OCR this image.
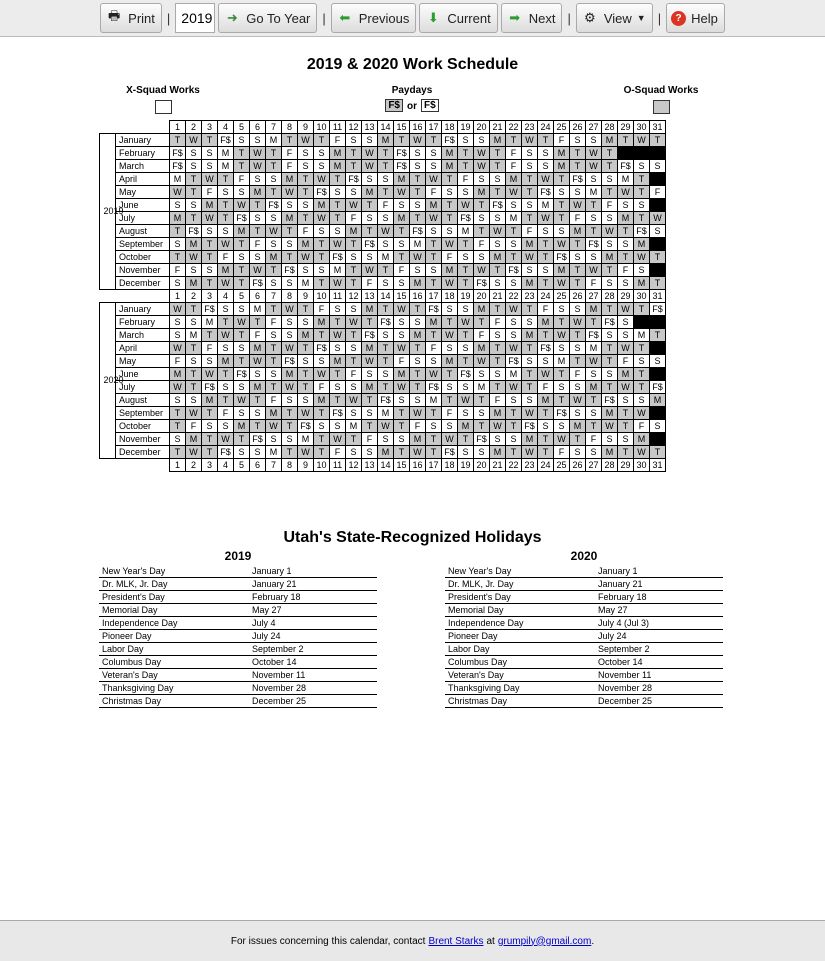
🖶 Print | 2019 ➜ Go To Year | ⬅ Previous ⬇ Current ➡ Next | ⚙ View ▼ |	? Help
2019 & 2020 Work Schedule
X-Squad Works	Paydays
F$ or F$
O-Squad Works
		1	2	3	4	5	6	7	8	9	10	11	12	13	14	15	16	17	18	19	20	21	22	23	24	25	26	27	28	29	30	31
2019	January	T	W	T	F$	S	S	M	T	W	T	F	S	S	M	T	W	T	F$	S	S	M	T	W	T	F	S	S	M	T	W	T
	February	F$	S	S	M	T	W	T	F	S	S	M	T	W	T	F$	S	S	M	T	W	T	F	S	S	M	T	W	T			
	March	F$	S	S	M	T	W	T	F	S	S	M	T	W	T	F$	S	S	M	T	W	T	F	S	S	M	T	W	T	F$	S	S
	April	M	T	W	T	F	S	S	M	T	W	T	F$	S	S	M	T	W	T	F	S	S	M	T	W	T	F$	S	S	M	T	
	May	W	T	F	S	S	M	T	W	T	F$	S	S	M	T	W	T	F	S	S	M	T	W	T	F$	S	S	M	T	W	T	F
	June	S	S	M	T	W	T	F$	S	S	M	T	W	T	F	S	S	M	T	W	T	F$	S	S	M	T	W	T	F	S	S	
	July	M	T	W	T	F$	S	S	M	T	W	T	F	S	S	M	T	W	T	F$	S	S	M	T	W	T	F	S	S	M	T	W
	August	T	F$	S	S	M	T	W	T	F	S	S	M	T	W	T	F$	S	S	M	T	W	T	F	S	S	M	T	W	T	F$	S
	September	S	M	T	W	T	F	S	S	M	T	W	T	F$	S	S	M	T	W	T	F	S	S	M	T	W	T	F$	S	S	M	
	October	T	W	T	F	S	S	M	T	W	T	F$	S	S	M	T	W	T	F	S	S	M	T	W	T	F$	S	S	M	T	W	T
	November	F	S	S	M	T	W	T	F$	S	S	M	T	W	T	F	S	S	M	T	W	T	F$	S	S	M	T	W	T	F	S	
	December	S	M	T	W	T	F$	S	S	M	T	W	T	F	S	S	M	T	W	T	F$	S	S	M	T	W	T	F	S	S	M	T
		1	2	3	4	5	6	7	8	9	10	11	12	13	14	15	16	17	18	19	20	21	22	23	24	25	26	27	28	29	30	31
2020	January	W	T	F$	S	S	M	T	W	T	F	S	S	M	T	W	T	F$	S	S	M	T	W	T	F	S	S	M	T	W	T	F$
	February	S	S	M	T	W	T	F	S	S	M	T	W	T	F$	S	S	M	T	W	T	F	S	S	M	T	W	T	F$	S		
	March	S	M	T	W	T	F	S	S	M	T	W	T	F$	S	S	M	T	W	T	F	S	S	M	T	W	T	F$	S	S	M	T
	April	W	T	F	S	S	M	T	W	T	F$	S	S	M	T	W	T	F	S	S	M	T	W	T	F$	S	S	M	T	W	T	
	May	F	S	S	M	T	W	T	F$	S	S	M	T	W	T	F	S	S	M	T	W	T	F$	S	S	M	T	W	T	F	S	S
	June	M	T	W	T	F$	S	S	M	T	W	T	F	S	S	M	T	W	T	F$	S	S	M	T	W	T	F	S	S	M	T	
	July	W	T	F$	S	S	M	T	W	T	F	S	S	M	T	W	T	F$	S	S	M	T	W	T	F	S	S	M	T	W	T	F$
	August	S	S	M	T	W	T	F	S	S	M	T	W	T	F$	S	S	M	T	W	T	F	S	S	M	T	W	T	F$	S	S	M
	September	T	W	T	F	S	S	M	T	W	T	F$	S	S	M	T	W	T	F	S	S	M	T	W	T	F$	S	S	M	T	W	
	October	T	F	S	S	M	T	W	T	F$	S	S	M	T	W	T	F	S	S	M	T	W	T	F$	S	S	M	T	W	T	F	S
	November	S	M	T	W	T	F$	S	S	M	T	W	T	F	S	S	M	T	W	T	F$	S	S	M	T	W	T	F	S	S	M	
	December	T	W	T	F$	S	S	M	T	W	T	F	S	S	M	T	W	T	F$	S	S	M	T	W	T	F	S	S	M	T	W	T
		1	2	3	4	5	6	7	8	9	10	11	12	13	14	15	16	17	18	19	20	21	22	23	24	25	26	27	28	29	30	31
Utah's State-Recognized Holidays
2019
New Year's Day	January 1
Dr. MLK, Jr. Day	January 21
President's Day	February 18
Memorial Day	May 27
Independence Day	July 4
Pioneer Day	July 24
Labor Day	September 2
Columbus Day	October 14
Veteran's Day	November 11
Thanksgiving Day	November 28
Christmas Day	December 25
2020
New Year's Day	January 1
Dr. MLK, Jr. Day	January 21
President's Day	February 18
Memorial Day	May 27
Independence Day	July 4 (Jul 3)
Pioneer Day	July 24
Labor Day	September 2
Columbus Day	October 14
Veteran's Day	November 11
Thanksgiving Day	November 28
Christmas Day	December 25
For issues concerning this calendar, contact Brent Starks at grumpily@gmail.com .
